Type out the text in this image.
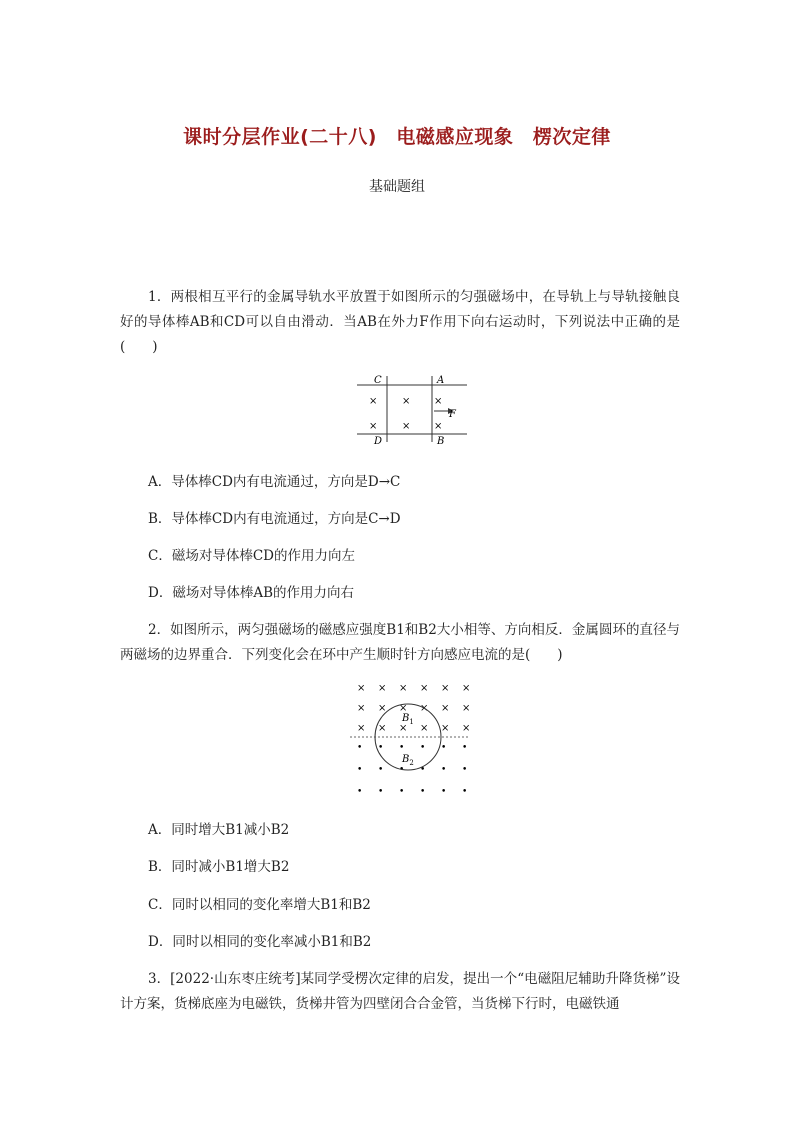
课时分层作业(二十八)　电磁感应现象　楞次定律
基础题组
1．两根相互平行的金属导轨水平放置于如图所示的匀强磁场中，在导轨上与导轨接触良好的导体棒AB和CD可以自由滑动．当AB在外力F作用下向右运动时，下列说法中正确的是(　　)
C	A
D	B
F
× × ×
× × ×
A．导体棒CD内有电流通过，方向是D→C
B．导体棒CD内有电流通过，方向是C→D
C．磁场对导体棒CD的作用力向左
D．磁场对导体棒AB的作用力向右
2．如图所示，两匀强磁场的磁感应强度B1和B2大小相等、方向相反．金属圆环的直径与两磁场的边界重合．下列变化会在环中产生顺时针方向感应电流的是(　　)
× × × × × ×
× × × × × ×
× × × × × ×
• • • • • •
• • • • • •
• • • • • •
$B_1$
$B_2$
A．同时增大B1减小B2
B．同时减小B1增大B2
C．同时以相同的变化率增大B1和B2
D．同时以相同的变化率减小B1和B2
3．[2022·山东枣庄统考]某同学受楞次定律的启发，提出一个“电磁阻尼辅助升降货梯”设计方案，货梯底座为电磁铁，货梯井管为四壁闭合合金管，当货梯下行时，电磁铁通
